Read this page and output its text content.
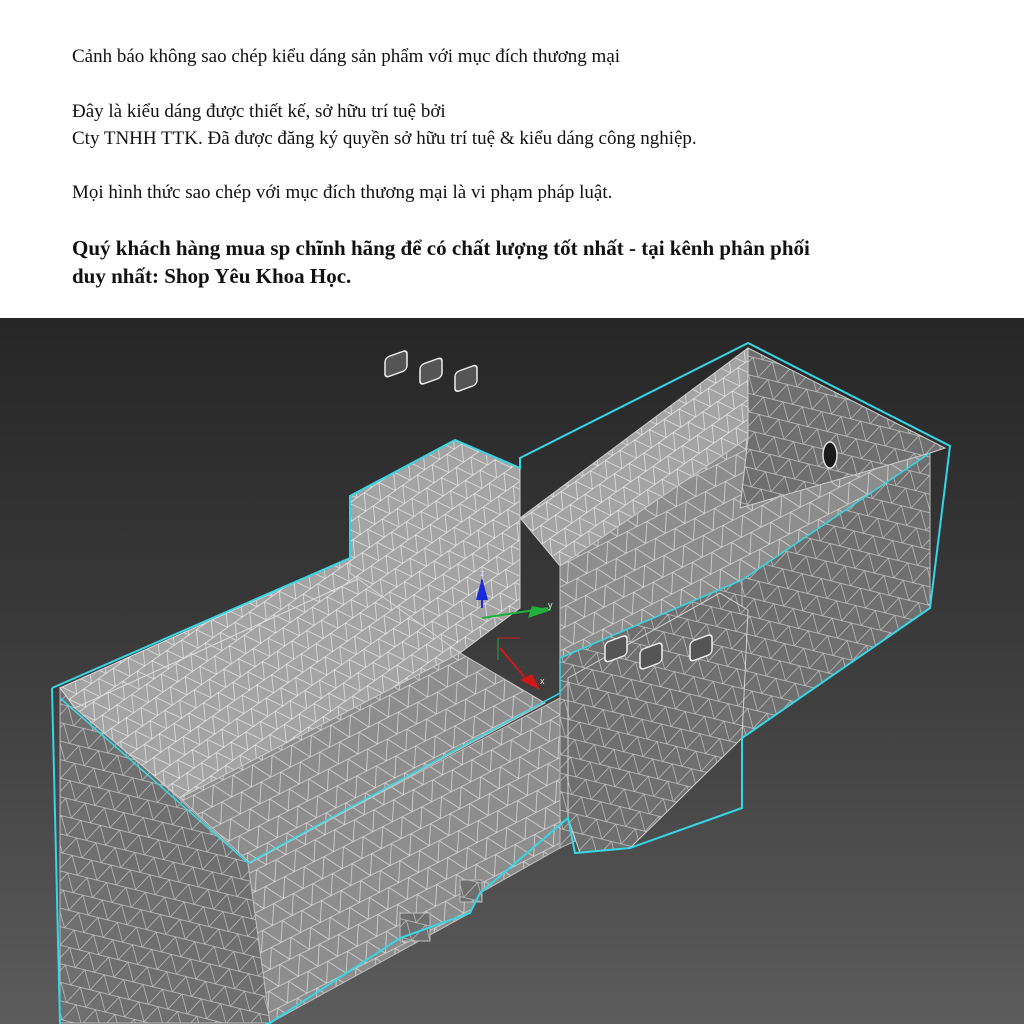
Cảnh báo không sao chép kiểu dáng sản phẩm với mục đích thương mại
Đây là kiểu dáng được thiết kế, sở hữu trí tuệ bởi
Cty TNHH TTK. Đã được đăng ký quyền sở hữu trí tuệ & kiểu dáng công nghiệp.
Mọi hình thức sao chép với mục đích thương mại là vi phạm pháp luật.
Quý khách hàng mua sp chĩnh hãng để có chất lượng tốt nhất - tại kênh phân phối
duy nhất: Shop Yêu Khoa Học.
z
y
x
